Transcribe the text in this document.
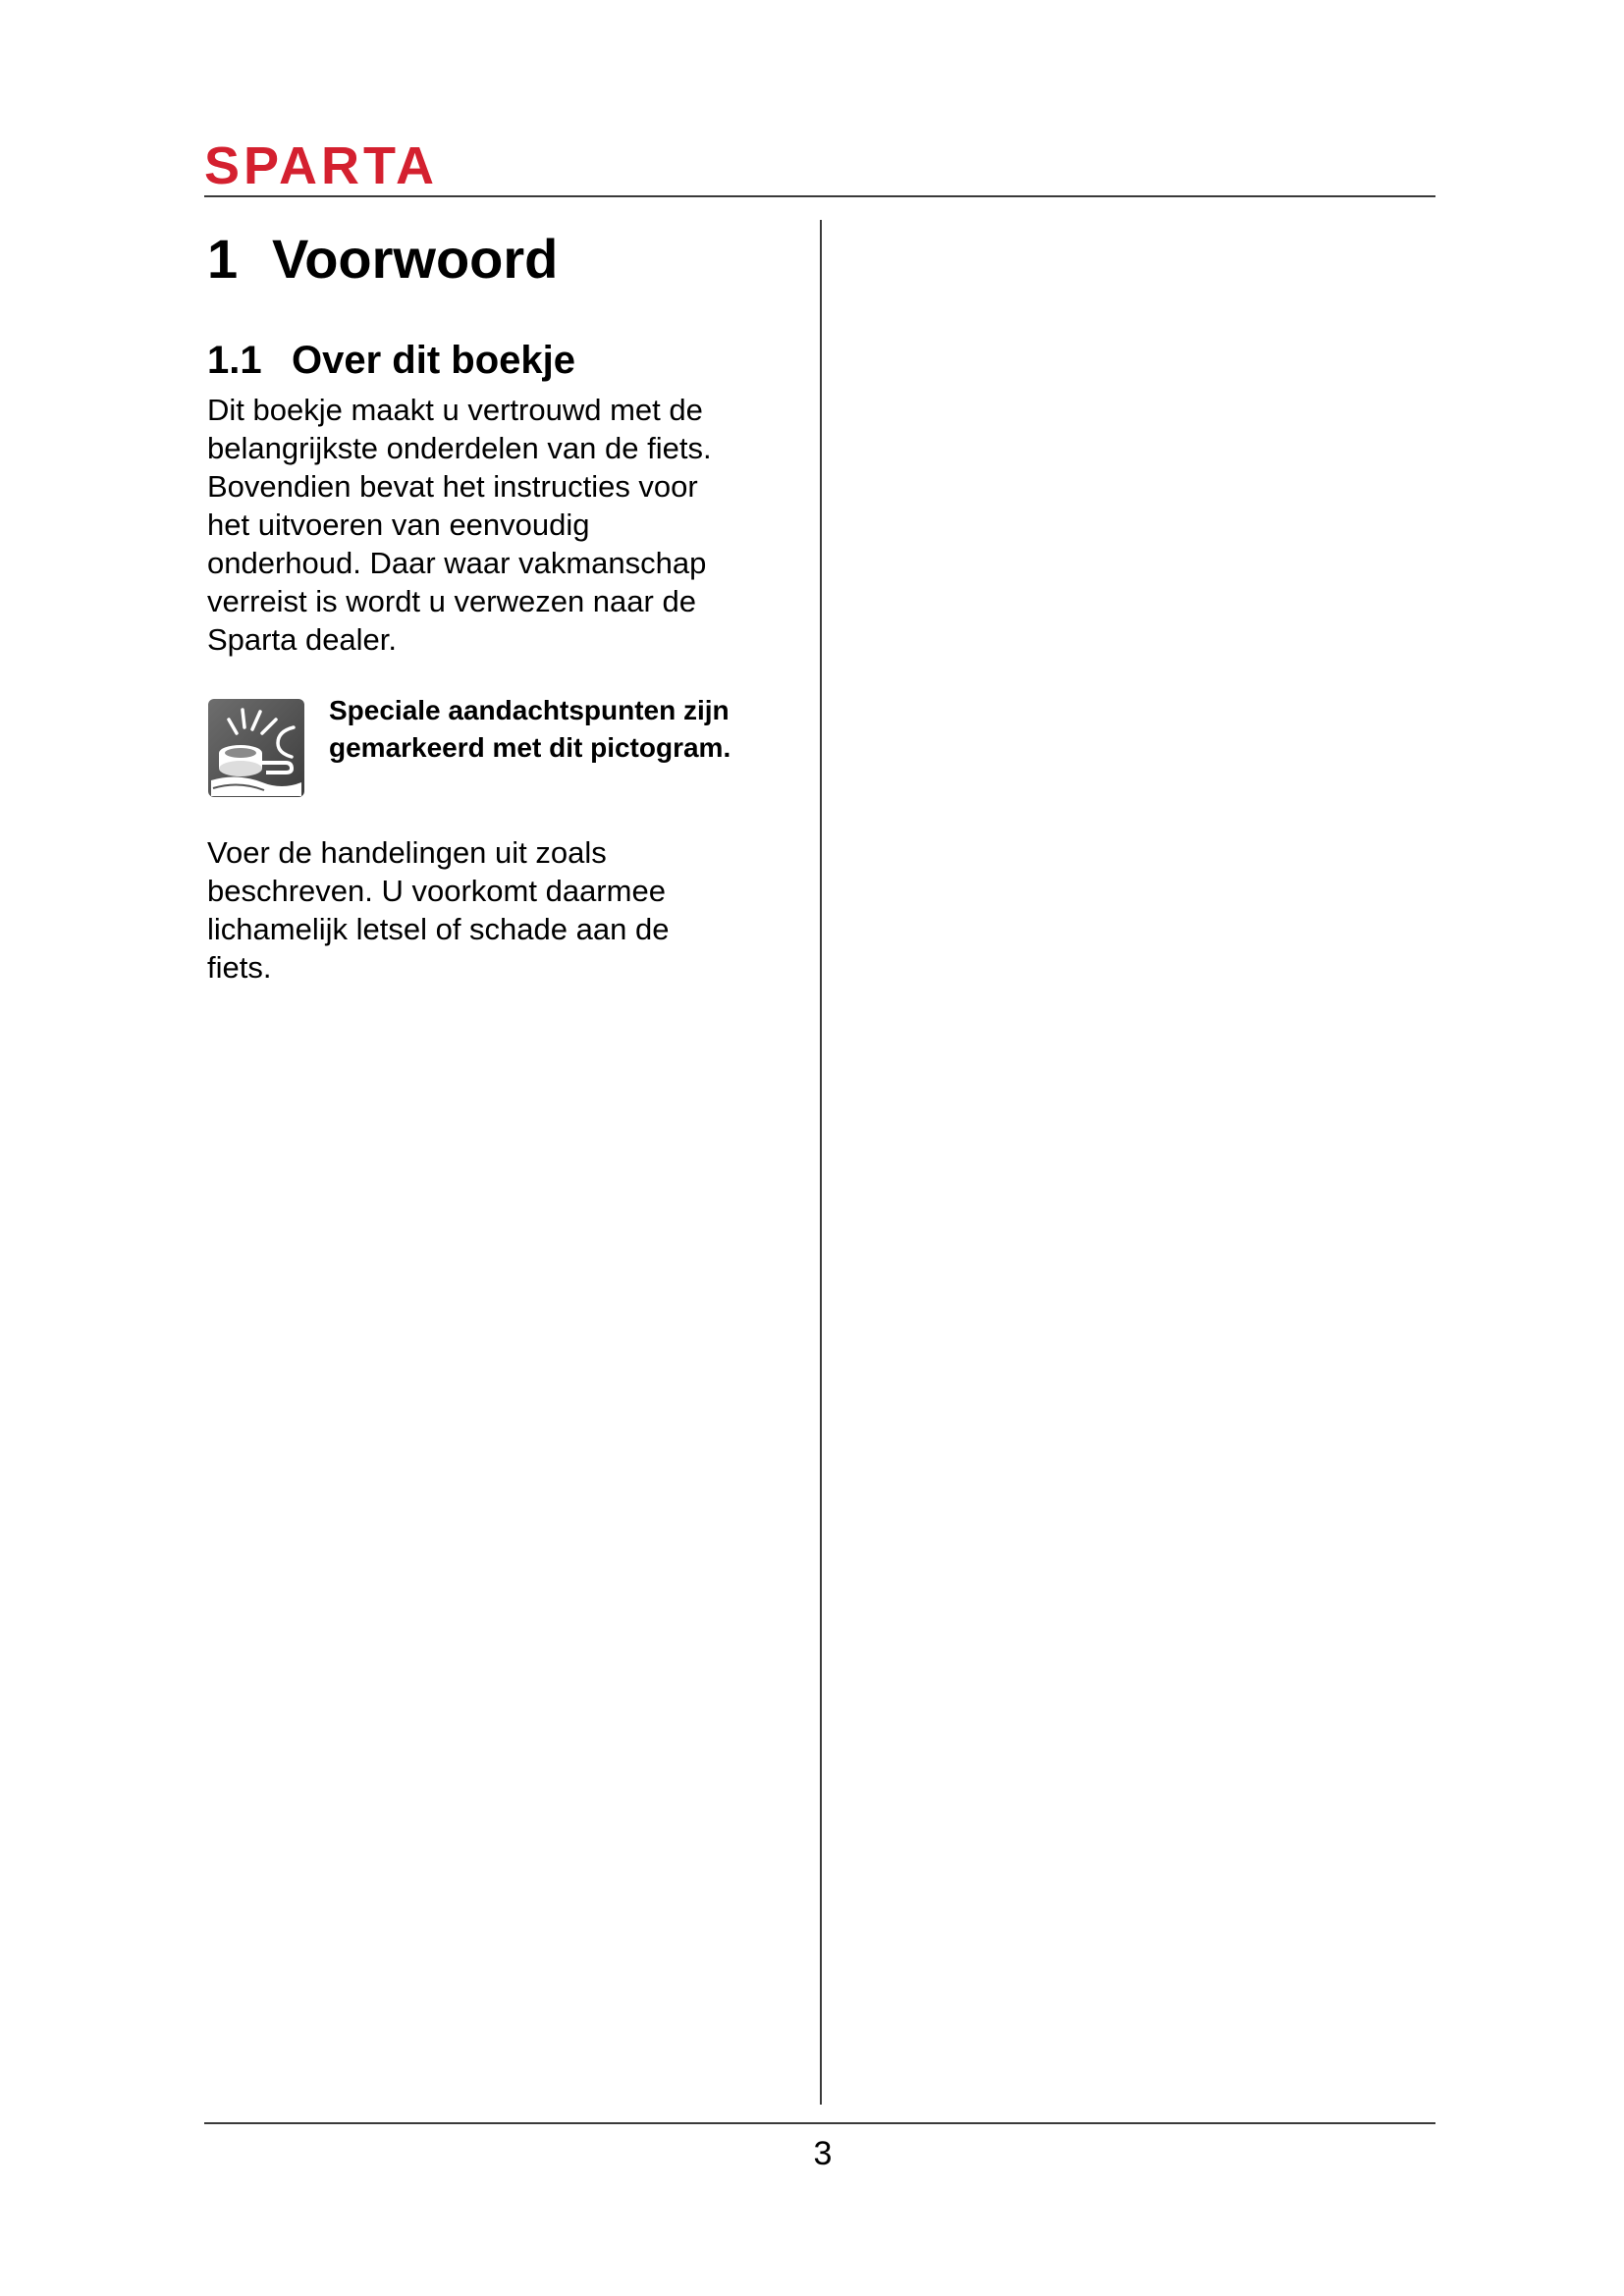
SPARTA
1 Voorwoord
1.1 Over dit boekje

Dit boekje maakt u vertrouwd met de
belangrijkste onderdelen van de fiets.
Bovendien bevat het instructies voor
het uitvoeren van eenvoudig
onderhoud. Daar waar vakmanschap
verreist is wordt u verwezen naar de
Sparta dealer.

Speciale aandachtspunten zijn
gemarkeerd met dit pictogram.

Voer de handelingen uit zoals
beschreven. U voorkomt daarmee
lichamelijk letsel of schade aan de
fiets.

3
